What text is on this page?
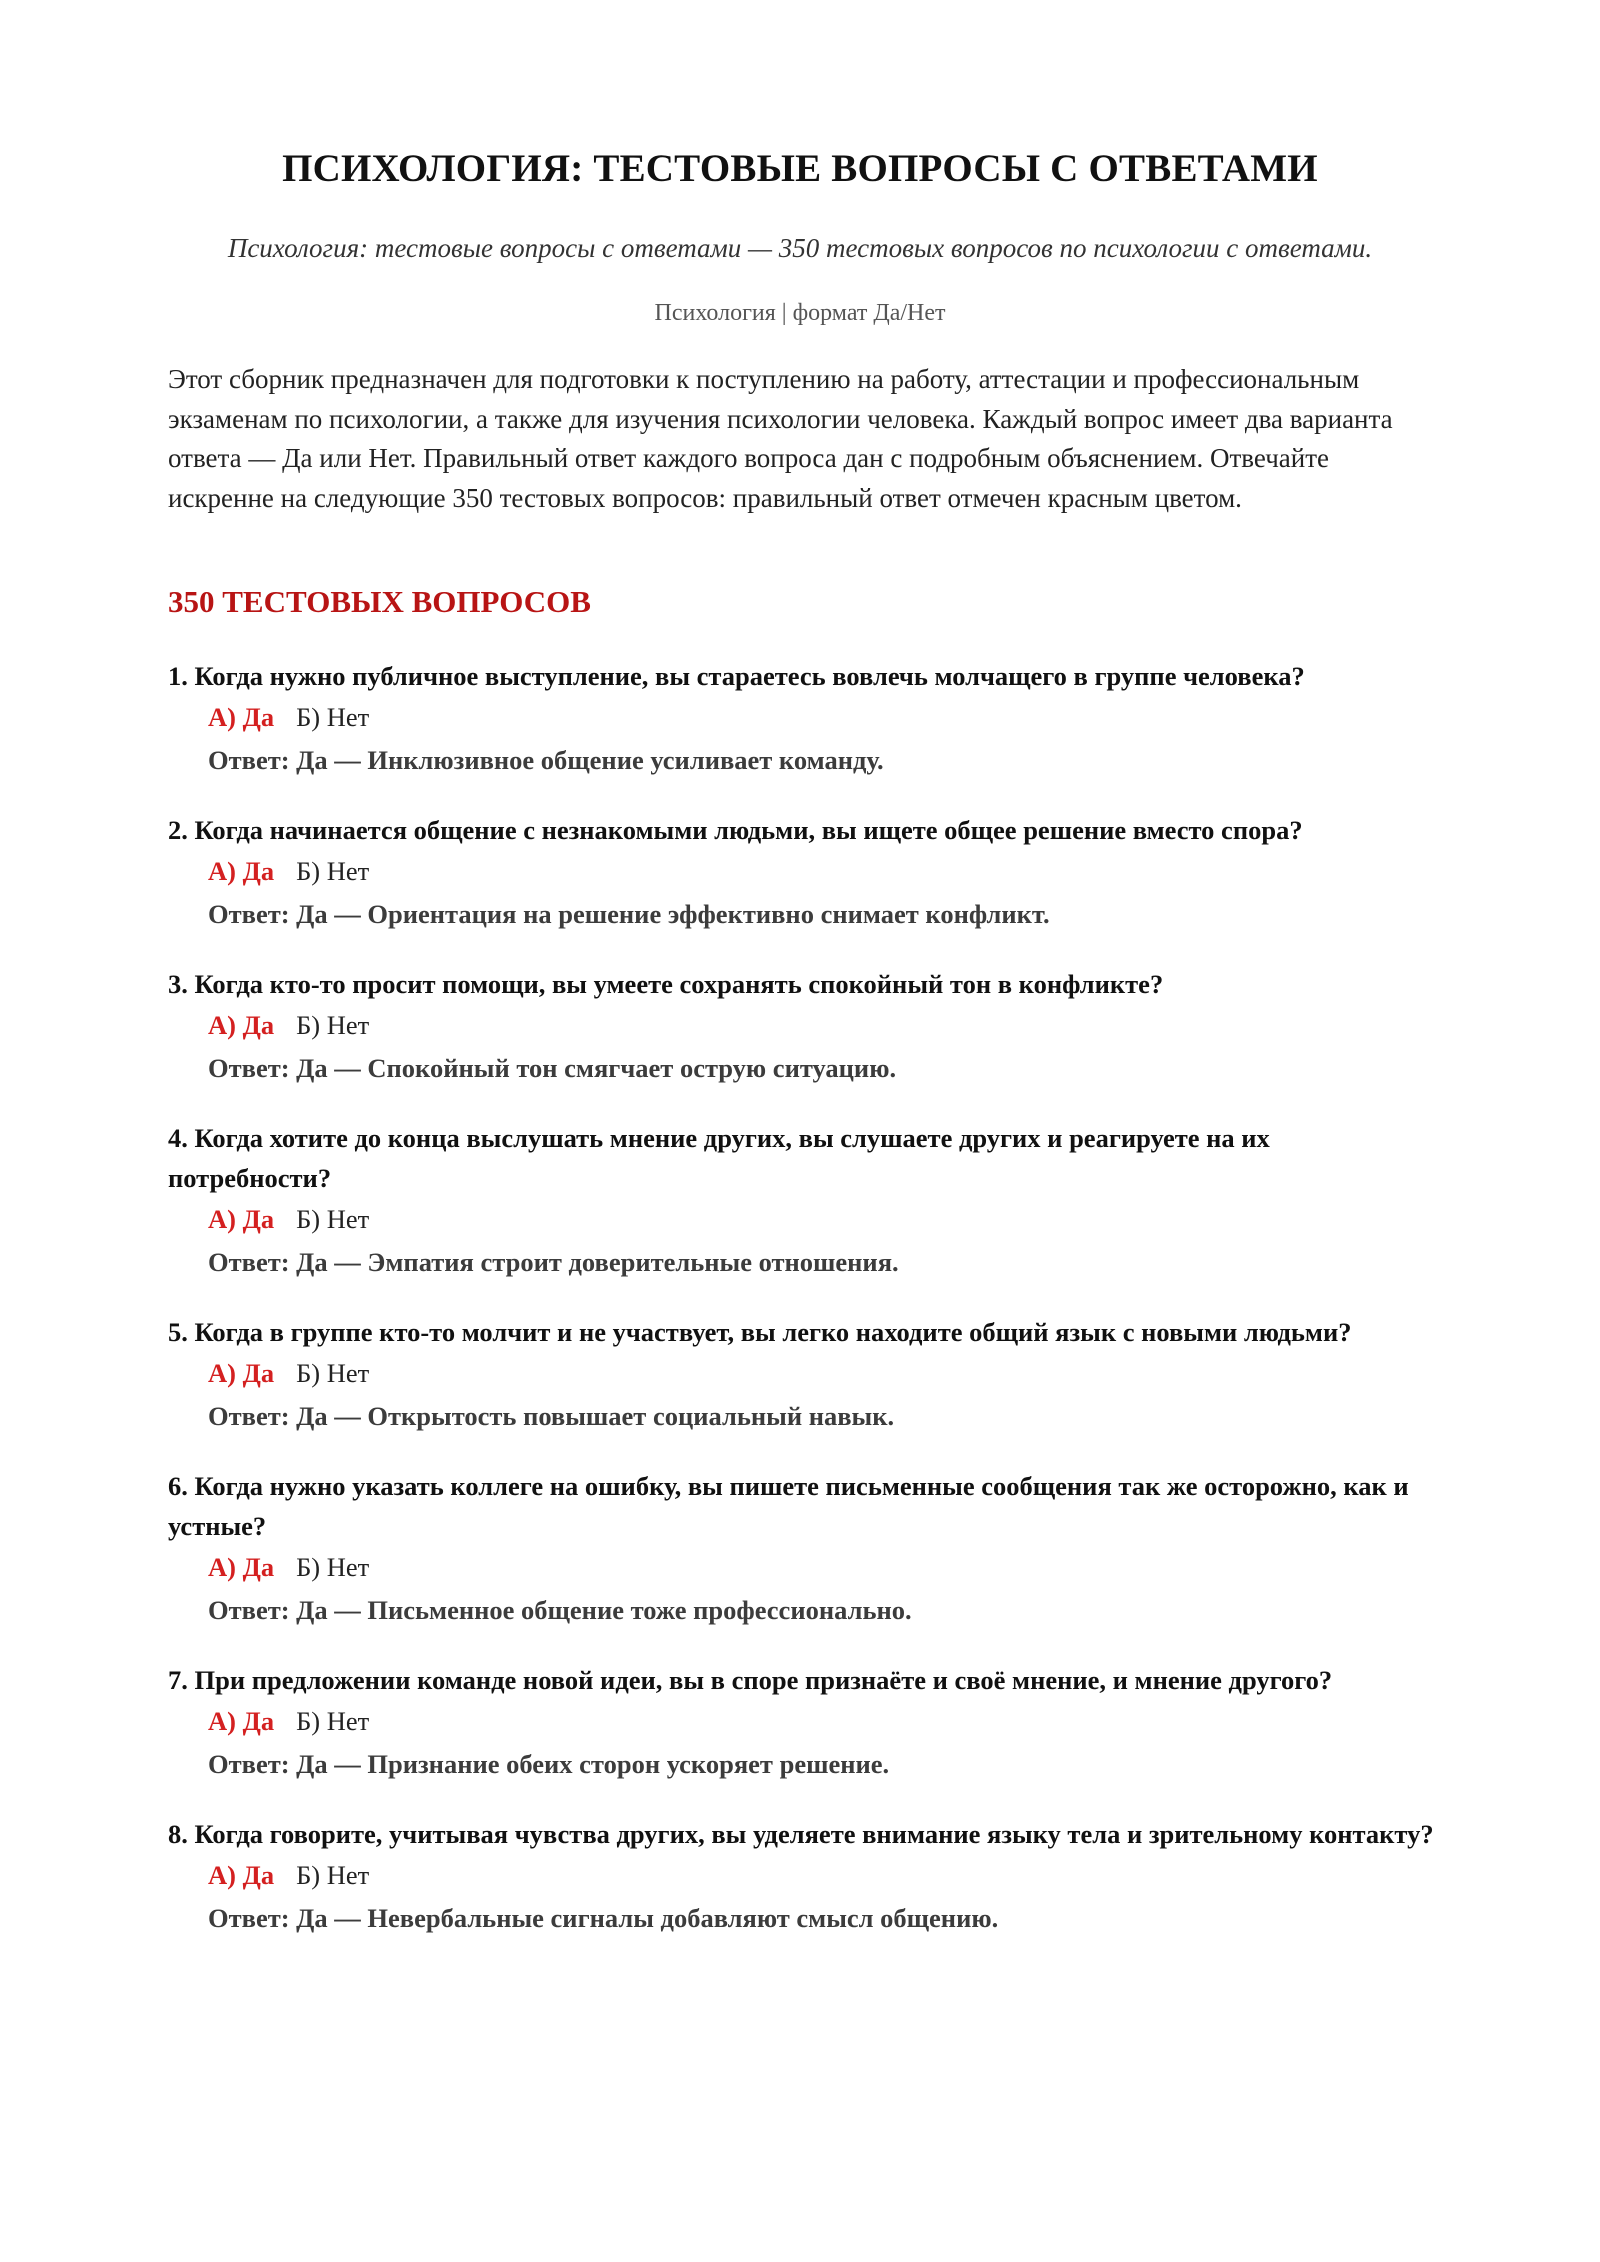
ПСИХОЛОГИЯ: ТЕСТОВЫЕ ВОПРОСЫ С ОТВЕТАМИ
Психология: тестовые вопросы с ответами — 350 тестовых вопросов по психологии с ответами.
Психология | формат Да/Нет
Этот сборник предназначен для подготовки к поступлению на работу, аттестации и профессиональным экзаменам по психологии, а также для изучения психологии человека. Каждый вопрос имеет два варианта ответа — Да или Нет. Правильный ответ каждого вопроса дан с подробным объяснением. Отвечайте искренне на следующие 350 тестовых вопросов: правильный ответ отмечен красным цветом.
350 ТЕСТОВЫХ ВОПРОСОВ
1. Когда нужно публичное выступление, вы стараетесь вовлечь молчащего в группе человека?
А) Да Б) Нет
Ответ: Да — Инклюзивное общение усиливает команду.
2. Когда начинается общение с незнакомыми людьми, вы ищете общее решение вместо спора?
А) Да Б) Нет
Ответ: Да — Ориентация на решение эффективно снимает конфликт.
3. Когда кто-то просит помощи, вы умеете сохранять спокойный тон в конфликте?
А) Да Б) Нет
Ответ: Да — Спокойный тон смягчает острую ситуацию.
4. Когда хотите до конца выслушать мнение других, вы слушаете других и реагируете на их потребности?
А) Да Б) Нет
Ответ: Да — Эмпатия строит доверительные отношения.
5. Когда в группе кто-то молчит и не участвует, вы легко находите общий язык с новыми людьми?
А) Да Б) Нет
Ответ: Да — Открытость повышает социальный навык.
6. Когда нужно указать коллеге на ошибку, вы пишете письменные сообщения так же осторожно, как и устные?
А) Да Б) Нет
Ответ: Да — Письменное общение тоже профессионально.
7. При предложении команде новой идеи, вы в споре признаёте и своё мнение, и мнение другого?
А) Да Б) Нет
Ответ: Да — Признание обеих сторон ускоряет решение.
8. Когда говорите, учитывая чувства других, вы уделяете внимание языку тела и зрительному контакту?
А) Да Б) Нет
Ответ: Да — Невербальные сигналы добавляют смысл общению.
